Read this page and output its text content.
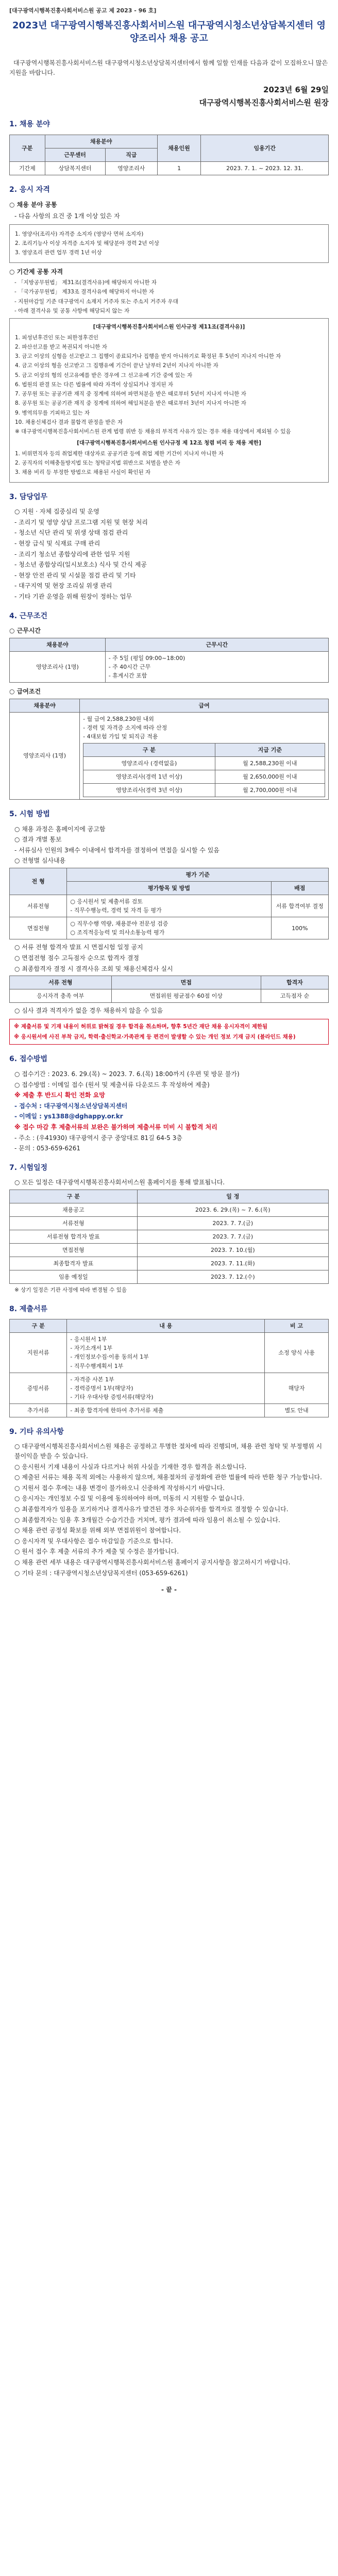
[대구광역시행복진흥사회서비스원 공고 제 2023 - 96 호]
2023년 대구광역시행복진흥사회서비스원 대구광역시청소년상담복지센터 영양조리사 채용 공고
대구광역시행복진흥사회서비스원 대구광역시청소년상담복지센터에서 함께 일할 인재를 다음과 같이 모집하오니 많은 지원을 바랍니다.
2023년 6월 29일
대구광역시행복진흥사회서비스원 원장
1. 채용 분야
구분	채용분야		채용인원	임용기간
	근무센터	직급		
기간제	상담복지센터	영양조리사	1	2023. 7. 1. ~ 2023. 12. 31.
2. 응시 자격
○ 채용 분야 공통
- 다음 사항의 요건 중 1개 이상 있은 자

1. 영양사(조리사) 자격증 소지자 (영양사 면허 소지자)

2. 조리기능사 이상 자격증 소지자 및 해당분야 경력 2년 이상

3. 영양조리 관련 업무 경력 1년 이상

○ 기간제 공통 자격
- 「지방공무원법」 제31조(결격사유)에 해당하지 아니한 자
- 「국가공무원법」 제33조 결격사유에 해당하지 아니한 자
- 지원마감일 기준 대구광역시 소재지 거주자 또는 주소지 거주자 우대
- 아래 결격사유 및 공통 사항에 해당되지 않는 자
[대구광역시행복진흥사회서비스원 인사규정 제11조(결격사유)]

1. 피성년후견인 또는 피한정후견인

2. 파산선고를 받고 복권되지 아니한 자

3. 금고 이상의 실형을 선고받고 그 집행이 종료되거나 집행을 받지 아니하기로 확정된 후 5년이 지나지 아니한 자

4. 금고 이상의 형을 선고받고 그 집행유예 기간이 끝난 날부터 2년이 지나지 아니한 자

5. 금고 이상의 형의 선고유예를 받은 경우에 그 선고유예 기간 중에 있는 자

6. 법원의 판결 또는 다른 법률에 따라 자격이 상실되거나 정지된 자

7. 공무원 또는 공공기관 재직 중 징계에 의하여 파면처분을 받은 때로부터 5년이 지나지 아니한 자

8. 공무원 또는 공공기관 재직 중 징계에 의하여 해임처분을 받은 때로부터 3년이 지나지 아니한 자

9. 병역의무를 기피하고 있는 자

10. 채용신체검사 결과 불합격 판정을 받은 자

※ 대구광역시행복진흥사회서비스원 관계 법령 위반 등 채용의 부적격 사유가 있는 경우 채용 대상에서 제외될 수 있음

[대구광역시행복진흥사회서비스원 인사규정 제 12조 청렴 비리 등 채용 제한]

1. 비위면직자 등의 취업제한 대상자로 공공기관 등에 취업 제한 기간이 지나지 아니한 자

2. 공직자의 이해충돌방지법 또는 청탁금지법 위반으로 처벌을 받은 자

3. 채용 비리 등 부정한 방법으로 채용된 사실이 확인된 자

3. 담당업무
○ 지원 · 자체 집중심리 및 운영
- 조리기 및 영양 상담 프로그램 지원 및 현장 처리
- 청소년 식단 관리 및 위생 상태 점검 관리
- 현장 급식 및 식재료 구매 관리
- 조리기 청소년 종합상리에 관한 업무 지원
- 청소년 종합상리(일시보호소) 식사 및 간식 제공
- 현장 안전 관리 및 시설물 점검 관리 및 기타
- 대구지역 및 현장 조리실 위생 관리
- 기타 기관 운영을 위해 원장이 정하는 업무
4. 근무조건
○ 근무시간
채용분야	근무시간
영양조리사 (1명)	- 주 5일 (평일 09:00~18:00)
- 주 40시간 근무
- 휴게시간 포함
○ 급여조건
채용분야	급여
영양조리사 (1명)	
- 월 급여 2,588,230원 내외
- 경력 및 자격증 소지에 따라 산정
- 4대보험 가입 및 퇴직금 적용
구 분	지급 기준
영양조리사 (경력없음)	월 2,588,230원 이내
영양조리사(경력 1년 이상)	월 2,650,000원 이내
영양조리사(경력 3년 이상)	월 2,700,000원 이내
5. 시험 방법
○ 채용 과정은 홈페이지에 공고함
○ 결과 개별 통보
- 서류심사 인원의 3배수 이내에서 합격자를 결정하여 면접을 실시할 수 있음
○ 전형별 심사내용
전 형	평가 기준	
	평가항목 및 방법	배점
서류전형	○ 응시원서 및 제출서류 검토
- 직무수행능력, 경력 및 자격 등 평가	서류 합격여부 결정
면접전형	○ 직무수행 역량, 채용분야 전문성 검증
○ 조직적응능력 및 의사소통능력 평가	100%
○ 서류 전형 합격자 발표 시 면접시험 일정 공지
○ 면접전형 점수 고득점자 순으로 합격자 결정
○ 최종합격자 결정 시 결격사유 조회 및 채용신체검사 실시
서류 전형	면접	합격자
응시자격 충족 여부	면접위원 평균점수 60점 이상	고득점자 순
○ 심사 결과 적격자가 없을 경우 채용하지 않을 수 있음
※ 제출서류 및 기재 내용이 허위로 밝혀질 경우 합격을 취소하며, 향후 5년간 재단 채용 응시자격이 제한됨
※ 응시원서에 사진 부착 금지, 학력·출신학교·가족관계 등 편견이 발생할 수 있는 개인 정보 기재 금지 (블라인드 채용)
6. 접수방법
○ 접수기간 : 2023. 6. 29.(목) ~ 2023. 7. 6.(목) 18:00까지 (우편 및 방문 불가)
○ 접수방법 : 이메일 접수 (원서 및 제출서류 다운로드 후 작성하여 제출)
※ 제출 후 반드시 확인 전화 요망
- 접수처 : 대구광역시청소년상담복지센터
- 이메일 : ys1388@dghappy.or.kr
※ 접수 마감 후 제출서류의 보완은 불가하며 제출서류 미비 시 불합격 처리
- 주소 : (우41930) 대구광역시 중구 중앙대로 81길 64-5 3층
- 문의 : 053-659-6261
7. 시험일정
○ 모든 일정은 대구광역시행복진흥사회서비스원 홈페이지를 통해 발표됩니다.
구 분	일 정
채용공고	2023. 6. 29.(목) ~ 7. 6.(목)
서류전형	2023. 7. 7.(금)
서류전형 합격자 발표	2023. 7. 7.(금)
면접전형	2023. 7. 10.(월)
최종합격자 발표	2023. 7. 11.(화)
임용 예정일	2023. 7. 12.(수)
※ 상기 일정은 기관 사정에 따라 변경될 수 있음
8. 제출서류
구 분	내 용	비 고
지원서류	- 응시원서 1부
- 자기소개서 1부
- 개인정보수집·이용 동의서 1부
- 직무수행계획서 1부	소정 양식 사용
증빙서류	- 자격증 사본 1부
- 경력증명서 1부(해당자)
- 기타 우대사항 증빙서류(해당자)	해당자
추가서류	- 최종 합격자에 한하여 추가서류 제출	별도 안내
9. 기타 유의사항
○ 대구광역시행복진흥사회서비스원 채용은 공정하고 투명한 절차에 따라 진행되며, 채용 관련 청탁 및 부정행위 시 불이익을 받을 수 있습니다.
○ 응시원서 기재 내용이 사실과 다르거나 허위 사실을 기재한 경우 합격을 취소합니다.
○ 제출된 서류는 채용 목적 외에는 사용하지 않으며, 채용절차의 공정화에 관한 법률에 따라 반환 청구 가능합니다.
○ 지원서 접수 후에는 내용 변경이 불가하오니 신중하게 작성하시기 바랍니다.
○ 응시자는 개인정보 수집 및 이용에 동의하여야 하며, 미동의 시 지원할 수 없습니다.
○ 최종합격자가 임용을 포기하거나 결격사유가 발견된 경우 차순위자를 합격자로 결정할 수 있습니다.
○ 최종합격자는 임용 후 3개월간 수습기간을 거치며, 평가 결과에 따라 임용이 취소될 수 있습니다.
○ 채용 관련 공정성 확보를 위해 외부 면접위원이 참여합니다.
○ 응시자격 및 우대사항은 접수 마감일을 기준으로 합니다.
○ 원서 접수 후 제출 서류의 추가 제출 및 수정은 불가합니다.
○ 채용 관련 세부 내용은 대구광역시행복진흥사회서비스원 홈페이지 공지사항을 참고하시기 바랍니다.
○ 기타 문의 : 대구광역시청소년상담복지센터 (053-659-6261)
- 끝 -
